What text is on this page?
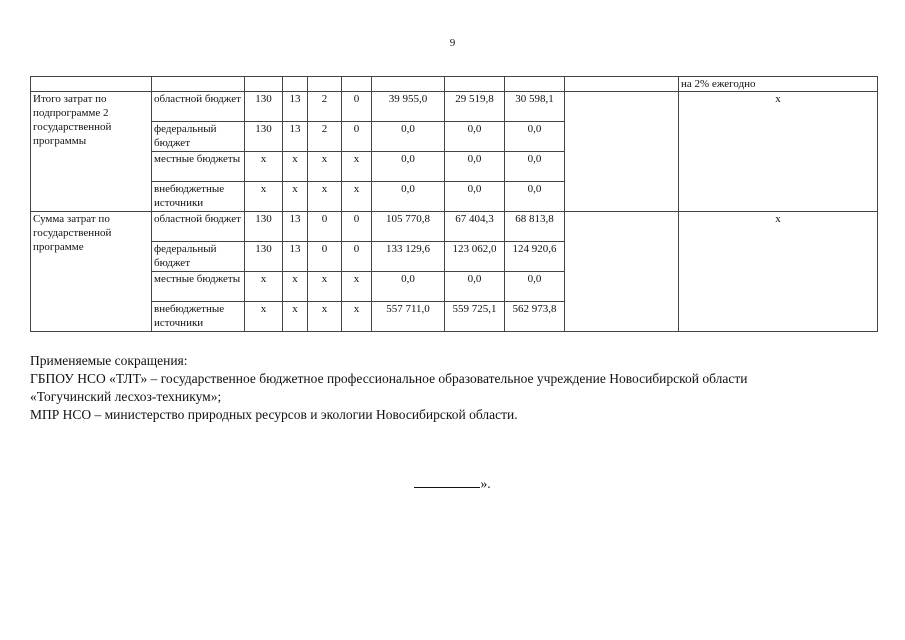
9
										на 2% ежегодно
Итого затрат по подпрограмме 2 государственной программы	областной бюджет	130	13	2	0	39 955,0	29 519,8	30 598,1		х
	федеральный бюджет	130	13	2	0	0,0	0,0	0,0		
	местные бюджеты	х	х	х	х	0,0	0,0	0,0		
	внебюджетные источники	х	х	х	х	0,0	0,0	0,0		
Сумма затрат по государственной программе	областной бюджет	130	13	0	0	105 770,8	67 404,3	68 813,8		х
	федеральный бюджет	130	13	0	0	133 129,6	123 062,0	124 920,6		
	местные бюджеты	х	х	х	х	0,0	0,0	0,0		
	внебюджетные источники	х	х	х	х	557 711,0	559 725,1	562 973,8		
Применяемые сокращения:
ГБПОУ НСО «ТЛТ» – государственное бюджетное профессиональное образовательное учреждение Новосибирской области
«Тогучинский лесхоз-техникум»;
МПР НСО – министерство природных ресурсов и экологии Новосибирской области.
».
